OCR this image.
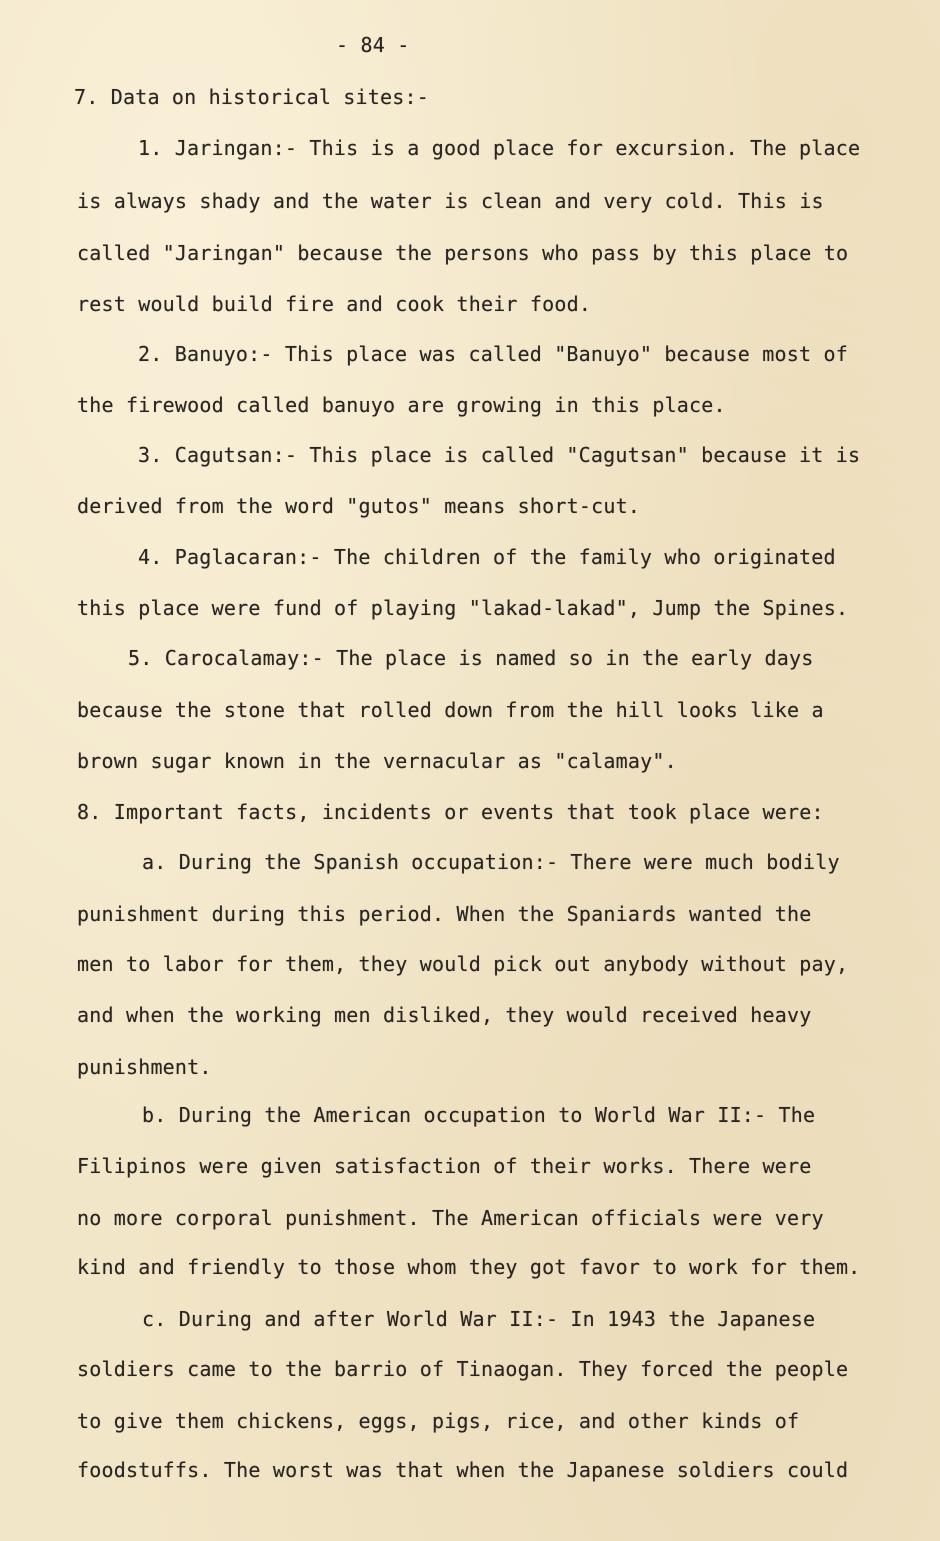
- 84 -
7. Data on historical sites:-
1. Jaringan:- This is a good place for excursion. The place
is always shady and the water is clean and very cold. This is
called "Jaringan" because the persons who pass by this place to
rest would build fire and cook their food.
2. Banuyo:- This place was called "Banuyo" because most of
the firewood called banuyo are growing in this place.
3. Cagutsan:- This place is called "Cagutsan" because it is
derived from the word "gutos" means short-cut.
4. Paglacaran:- The children of the family who originated
this place were fund of playing "lakad-lakad", Jump the Spines.
5. Carocalamay:- The place is named so in the early days
because the stone that rolled down from the hill looks like a
brown sugar known in the vernacular as "calamay".
8. Important facts, incidents or events that took place were:
a. During the Spanish occupation:- There were much bodily
punishment during this period. When the Spaniards wanted the
men to labor for them, they would pick out anybody without pay,
and when the working men disliked, they would received heavy
punishment.
b. During the American occupation to World War II:- The
Filipinos were given satisfaction of their works. There were
no more corporal punishment. The American officials were very
kind and friendly to those whom they got favor to work for them.
c. During and after World War II:- In 1943 the Japanese
soldiers came to the barrio of Tinaogan. They forced the people
to give them chickens, eggs, pigs, rice, and other kinds of
foodstuffs. The worst was that when the Japanese soldiers could
